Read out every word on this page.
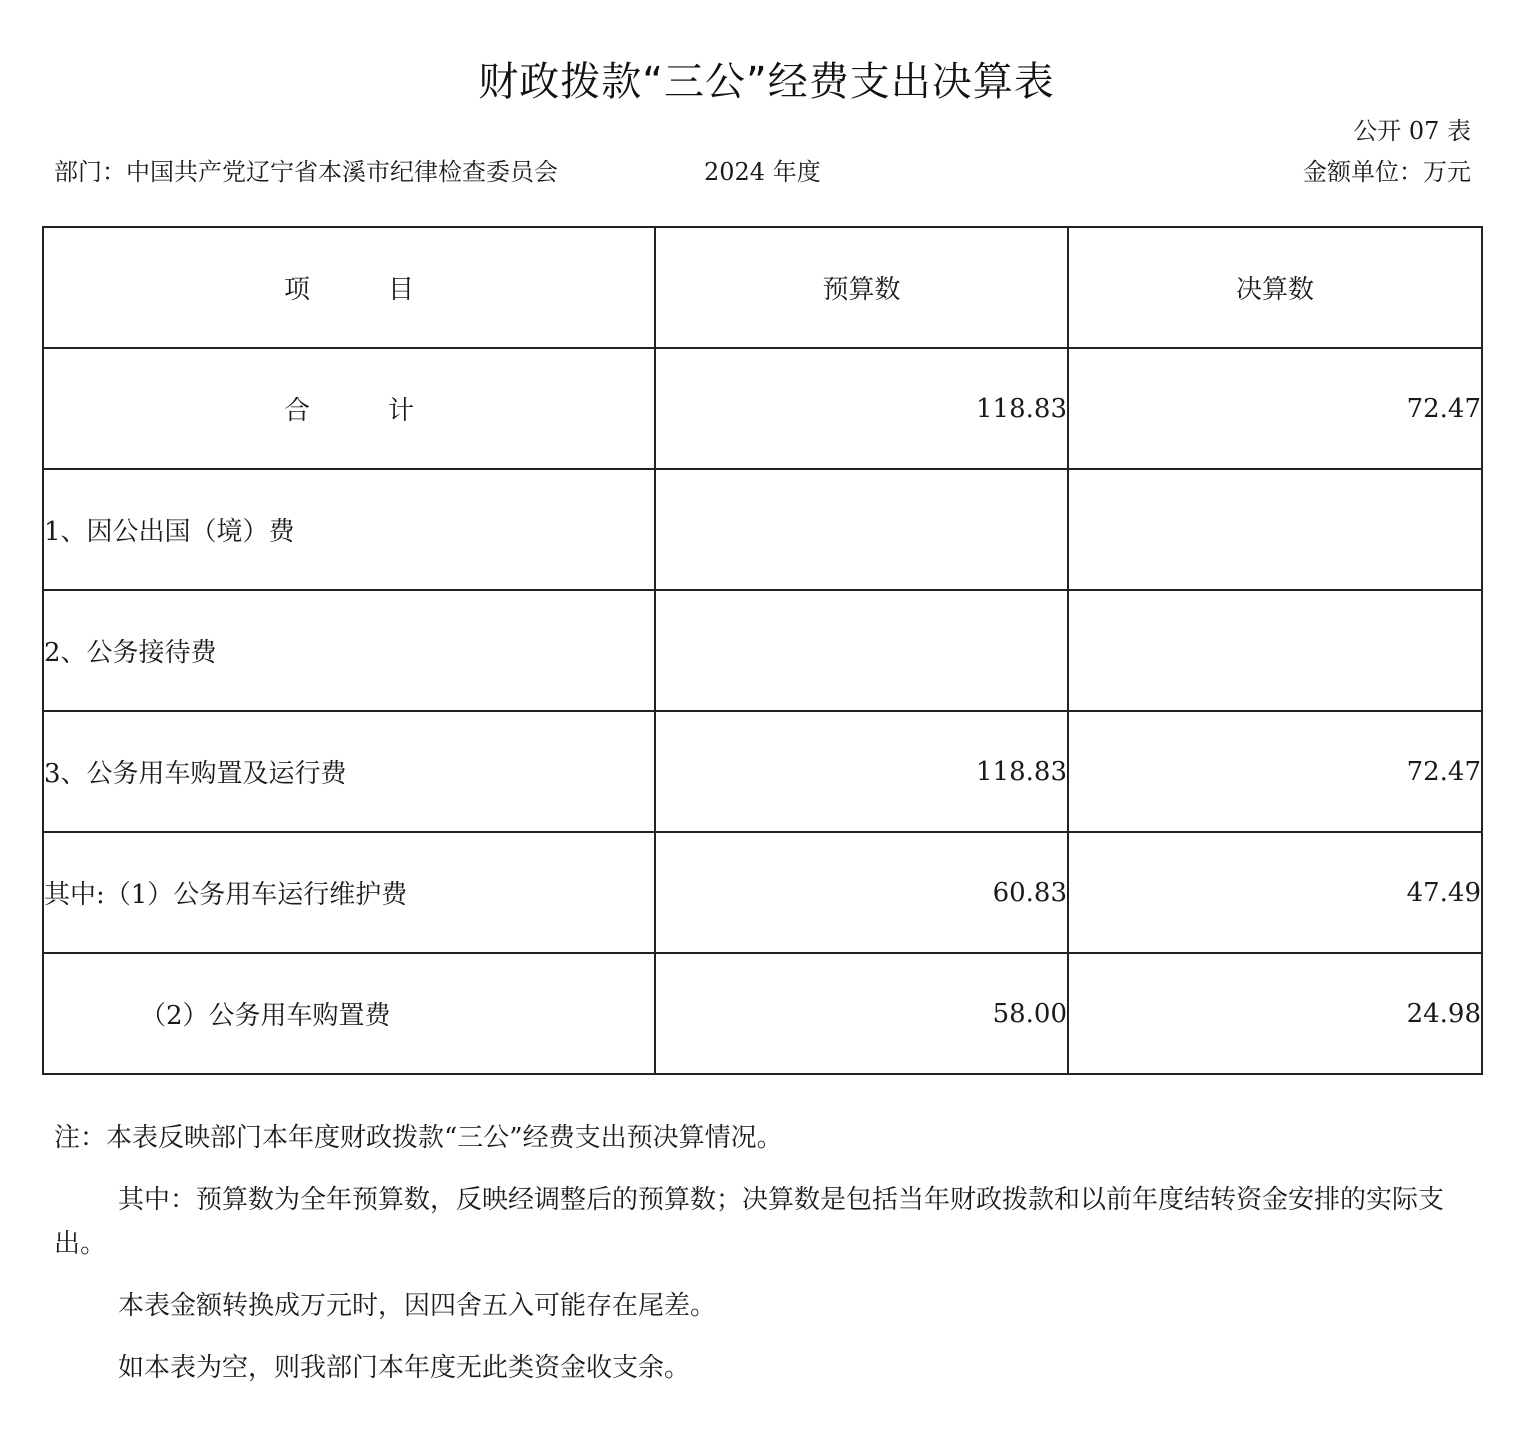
财政拨款“三公”经费支出决算表
公开 07 表
部门：中国共产党辽宁省本溪市纪律检查委员会	2024 年度	金额单位：万元
项　　　目	预算数	决算数
合　　　计	118.83	72.47
1、因公出国（境）费		
2、公务接待费		
3、公务用车购置及运行费	118.83	72.47
其中:（1）公务用车运行维护费	60.83	47.49
（2）公务用车购置费	58.00	24.98

注：本表反映部门本年度财政拨款“三公”经费支出预决算情况。

其中：预算数为全年预算数，反映经调整后的预算数；决算数是包括当年财政拨款和以前年度结转资金安排的实际支出。

本表金额转换成万元时，因四舍五入可能存在尾差。

如本表为空，则我部门本年度无此类资金收支余。
